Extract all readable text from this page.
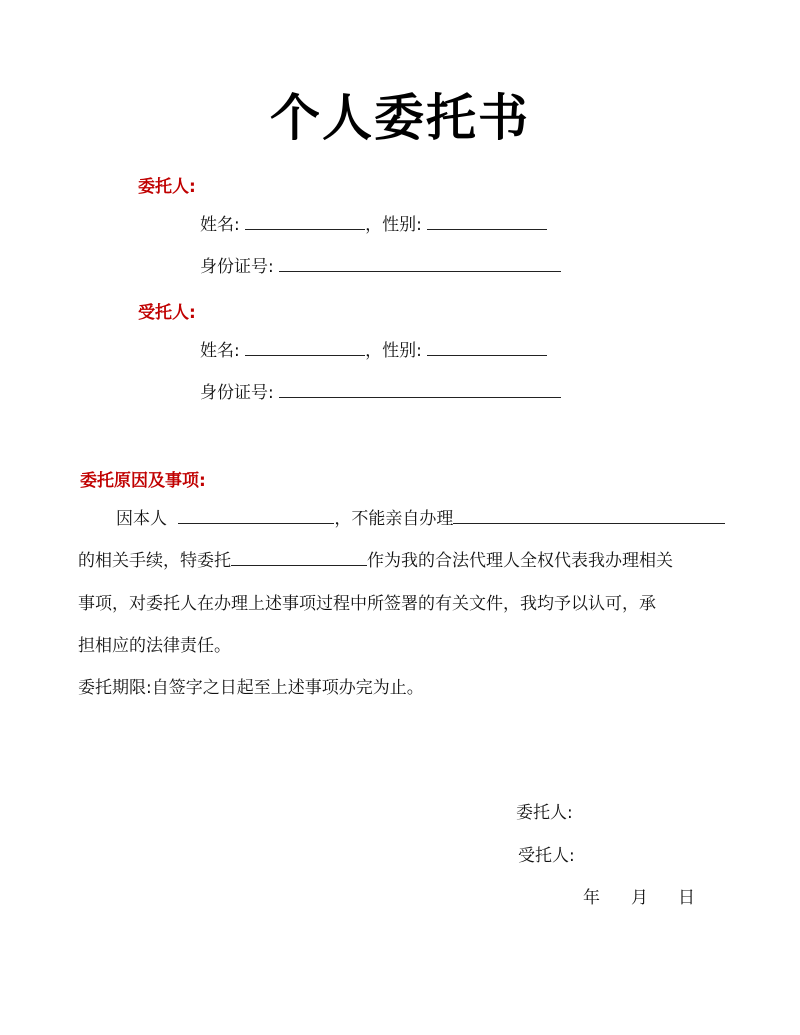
个人委托书
委托人:
姓名:	，性别:
身份证号:
受托人:
姓名:	，性别:
身份证号:
委托原因及事项:
因本人	，不能亲自办理
的相关手续，特委托	作为我的合法代理人全权代表我办理相关
事项，对委托人在办理上述事项过程中所签署的有关文件，我均予以认可，承
担相应的法律责任。
委托期限:自签字之日起至上述事项办完为止。
委托人:
受托人:
年 月 日
